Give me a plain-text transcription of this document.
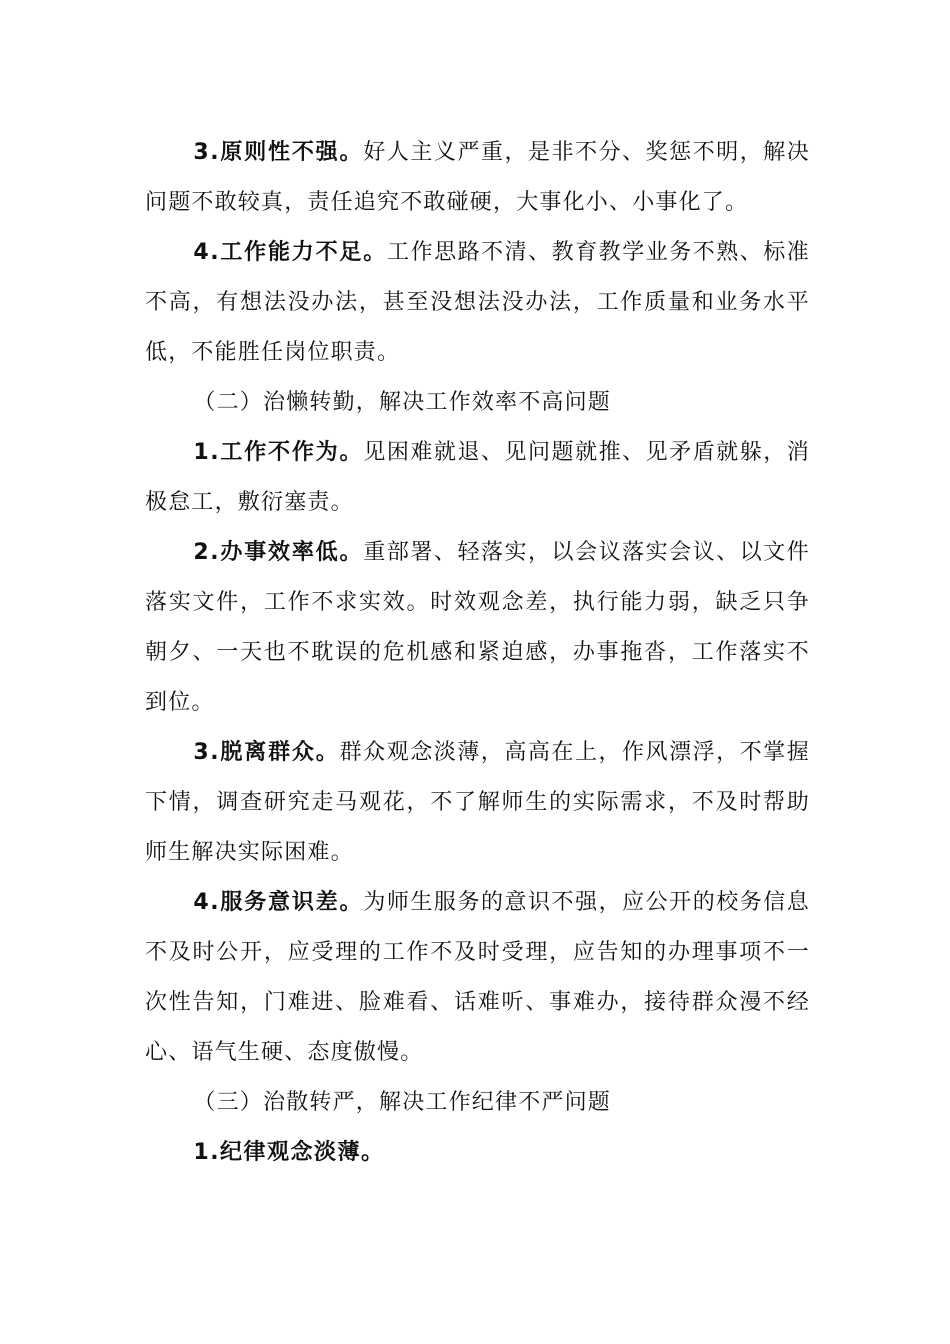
3.原则性不强。好人主义严重，是非不分、奖惩不明，解决问题不敢较真，责任追究不敢碰硬，大事化小、小事化了。

4.工作能力不足。工作思路不清、教育教学业务不熟、标准不高，有想法没办法，甚至没想法没办法，工作质量和业务水平低，不能胜任岗位职责。

（二）治懒转勤，解决工作效率不高问题

1.工作不作为。见困难就退、见问题就推、见矛盾就躲，消极怠工，敷衍塞责。

2.办事效率低。重部署、轻落实，以会议落实会议、以文件落实文件，工作不求实效。时效观念差，执行能力弱，缺乏只争朝夕、一天也不耽误的危机感和紧迫感，办事拖沓，工作落实不到位。

3.脱离群众。群众观念淡薄，高高在上，作风漂浮，不掌握下情，调查研究走马观花，不了解师生的实际需求，不及时帮助师生解决实际困难。

4.服务意识差。为师生服务的意识不强，应公开的校务信息不及时公开，应受理的工作不及时受理，应告知的办理事项不一次性告知，门难进、脸难看、话难听、事难办，接待群众漫不经心、语气生硬、态度傲慢。

（三）治散转严，解决工作纪律不严问题

1.纪律观念淡薄。
